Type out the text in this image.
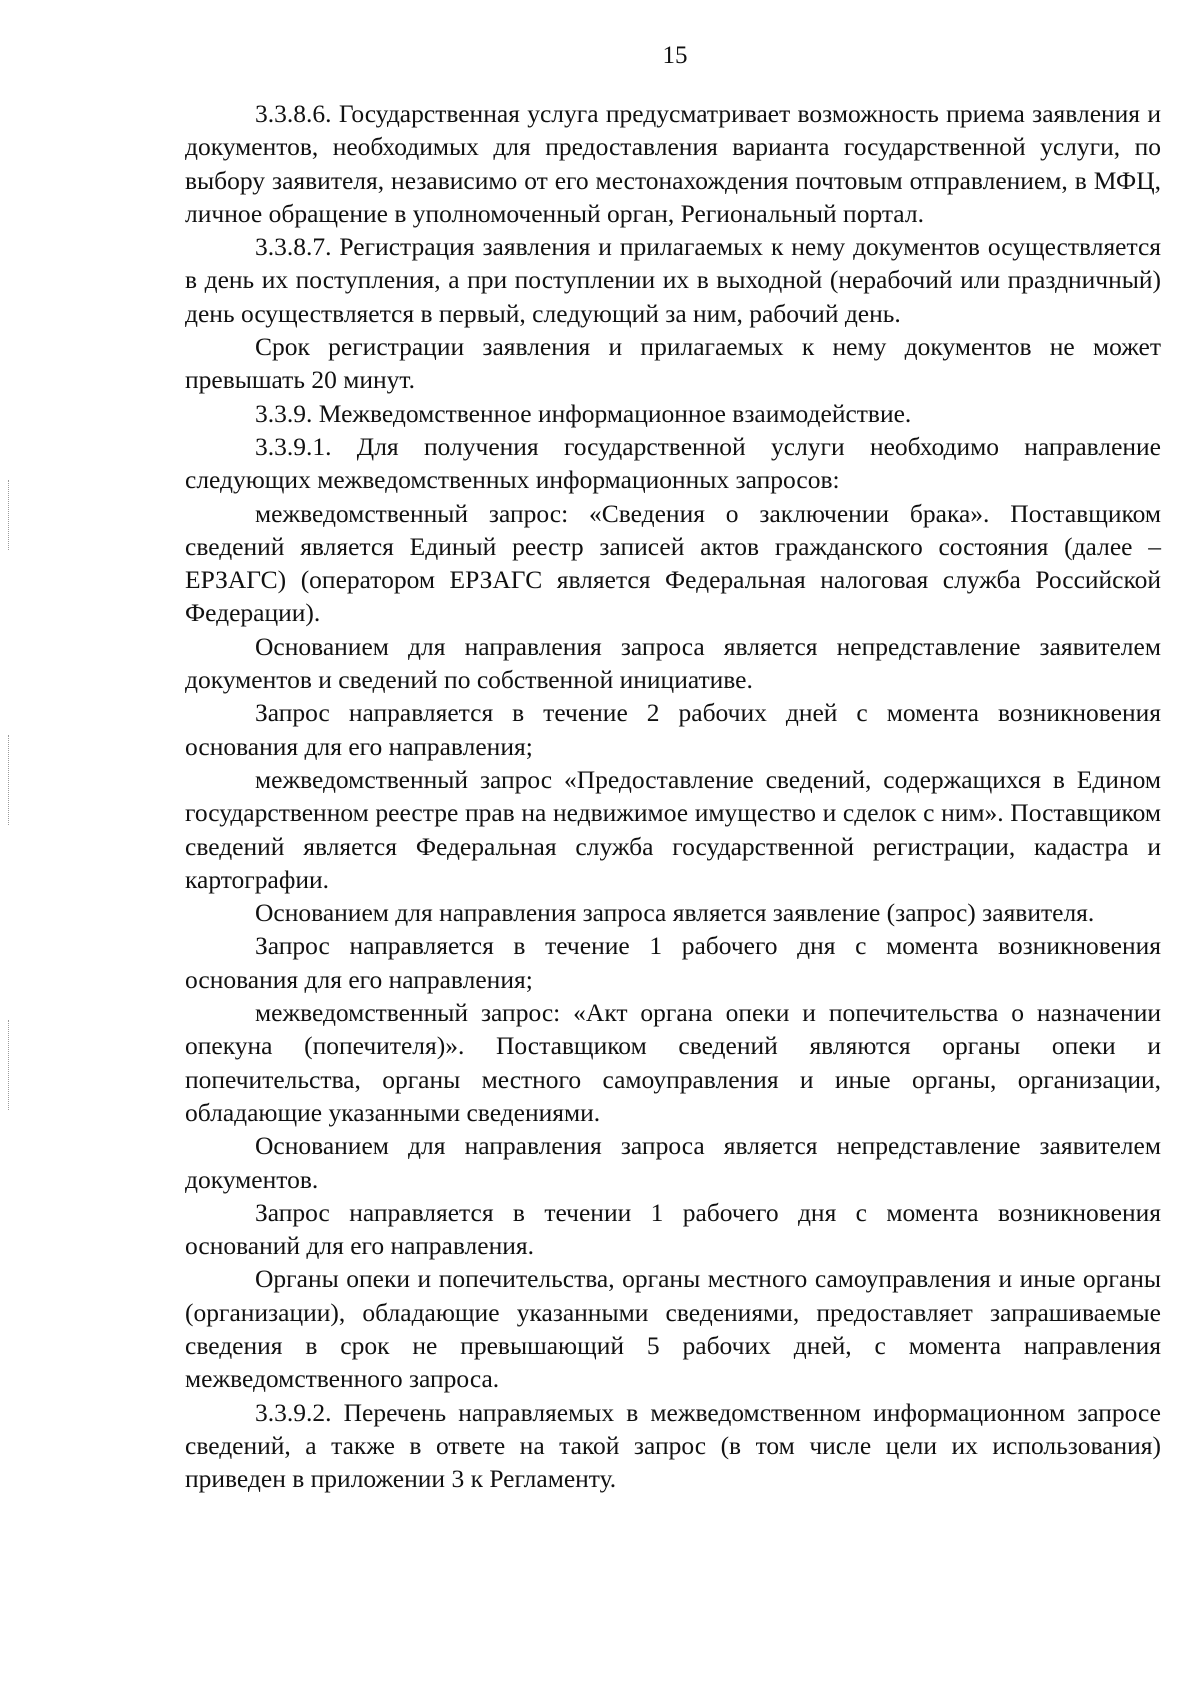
15

3.3.8.6. Государственная услуга предусматривает возможность приема заявления и документов, необходимых для предоставления варианта государственной услуги, по выбору заявителя, независимо от его местонахождения почтовым отправлением, в МФЦ, личное обращение в уполномоченный орган, Региональный портал.

3.3.8.7. Регистрация заявления и прилагаемых к нему документов осуществляется в день их поступления, а при поступлении их в выходной (нерабочий или праздничный) день осуществляется в первый, следующий за ним, рабочий день.

Срок регистрации заявления и прилагаемых к нему документов не может превышать 20 минут.

3.3.9. Межведомственное информационное взаимодействие.

3.3.9.1. Для получения государственной услуги необходимо направление следующих межведомственных информационных запросов:

межведомственный запрос: «Сведения о заключении брака». Поставщиком сведений является Единый реестр записей актов гражданского состояния (далее – ЕРЗАГС) (оператором ЕРЗАГС является Федеральная налоговая служба Российской Федерации).

Основанием для направления запроса является непредставление заявителем документов и сведений по собственной инициативе.

Запрос направляется в течение 2 рабочих дней с момента возникновения основания для его направления;

межведомственный запрос «Предоставление сведений, содержащихся в Едином государственном реестре прав на недвижимое имущество и сделок с ним». Поставщиком сведений является Федеральная служба государственной регистрации, кадастра и картографии.

Основанием для направления запроса является заявление (запрос) заявителя.

Запрос направляется в течение 1 рабочего дня с момента возникновения основания для его направления;

межведомственный запрос: «Акт органа опеки и попечительства о назначении опекуна (попечителя)». Поставщиком сведений являются органы опеки и попечительства, органы местного самоуправления и иные органы, организации, обладающие указанными сведениями.

Основанием для направления запроса является непредставление заявителем документов.

Запрос направляется в течении 1 рабочего дня с момента возникновения оснований для его направления.

Органы опеки и попечительства, органы местного самоуправления и иные органы (организации), обладающие указанными сведениями, предоставляет запрашиваемые сведения в срок не превышающий 5 рабочих дней, с момента направления межведомственного запроса.

3.3.9.2. Перечень направляемых в межведомственном информационном запросе сведений, а также в ответе на такой запрос (в том числе цели их использования) приведен в приложении 3 к Регламенту.
